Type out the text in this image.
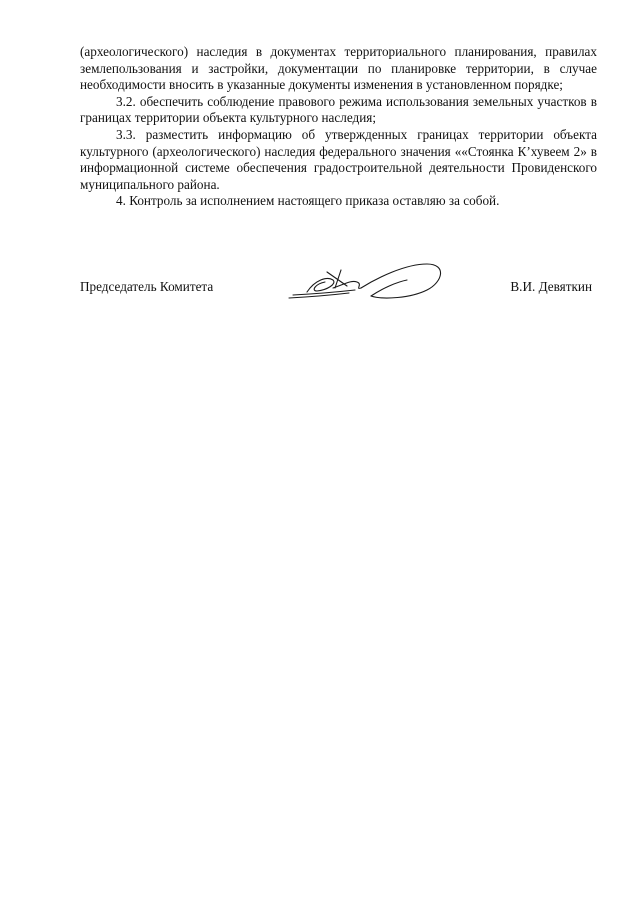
(археологического) наследия в документах территориального планирования, правилах землепользования и застройки, документации по планировке территории, в случае необходимости вносить в указанные документы изменения в установленном порядке;

3.2. обеспечить соблюдение правового режима использования земельных участков в границах территории объекта культурного наследия;

3.3. разместить информацию об утвержденных границах территории объекта культурного (археологического) наследия федерального значения ««Стоянка К’хувеем 2» в информационной системе обеспечения градостроительной деятельности Провиденского муниципального района.

4. Контроль за исполнением настоящего приказа оставляю за собой.

Председатель Комитета	В.И. Девяткин
